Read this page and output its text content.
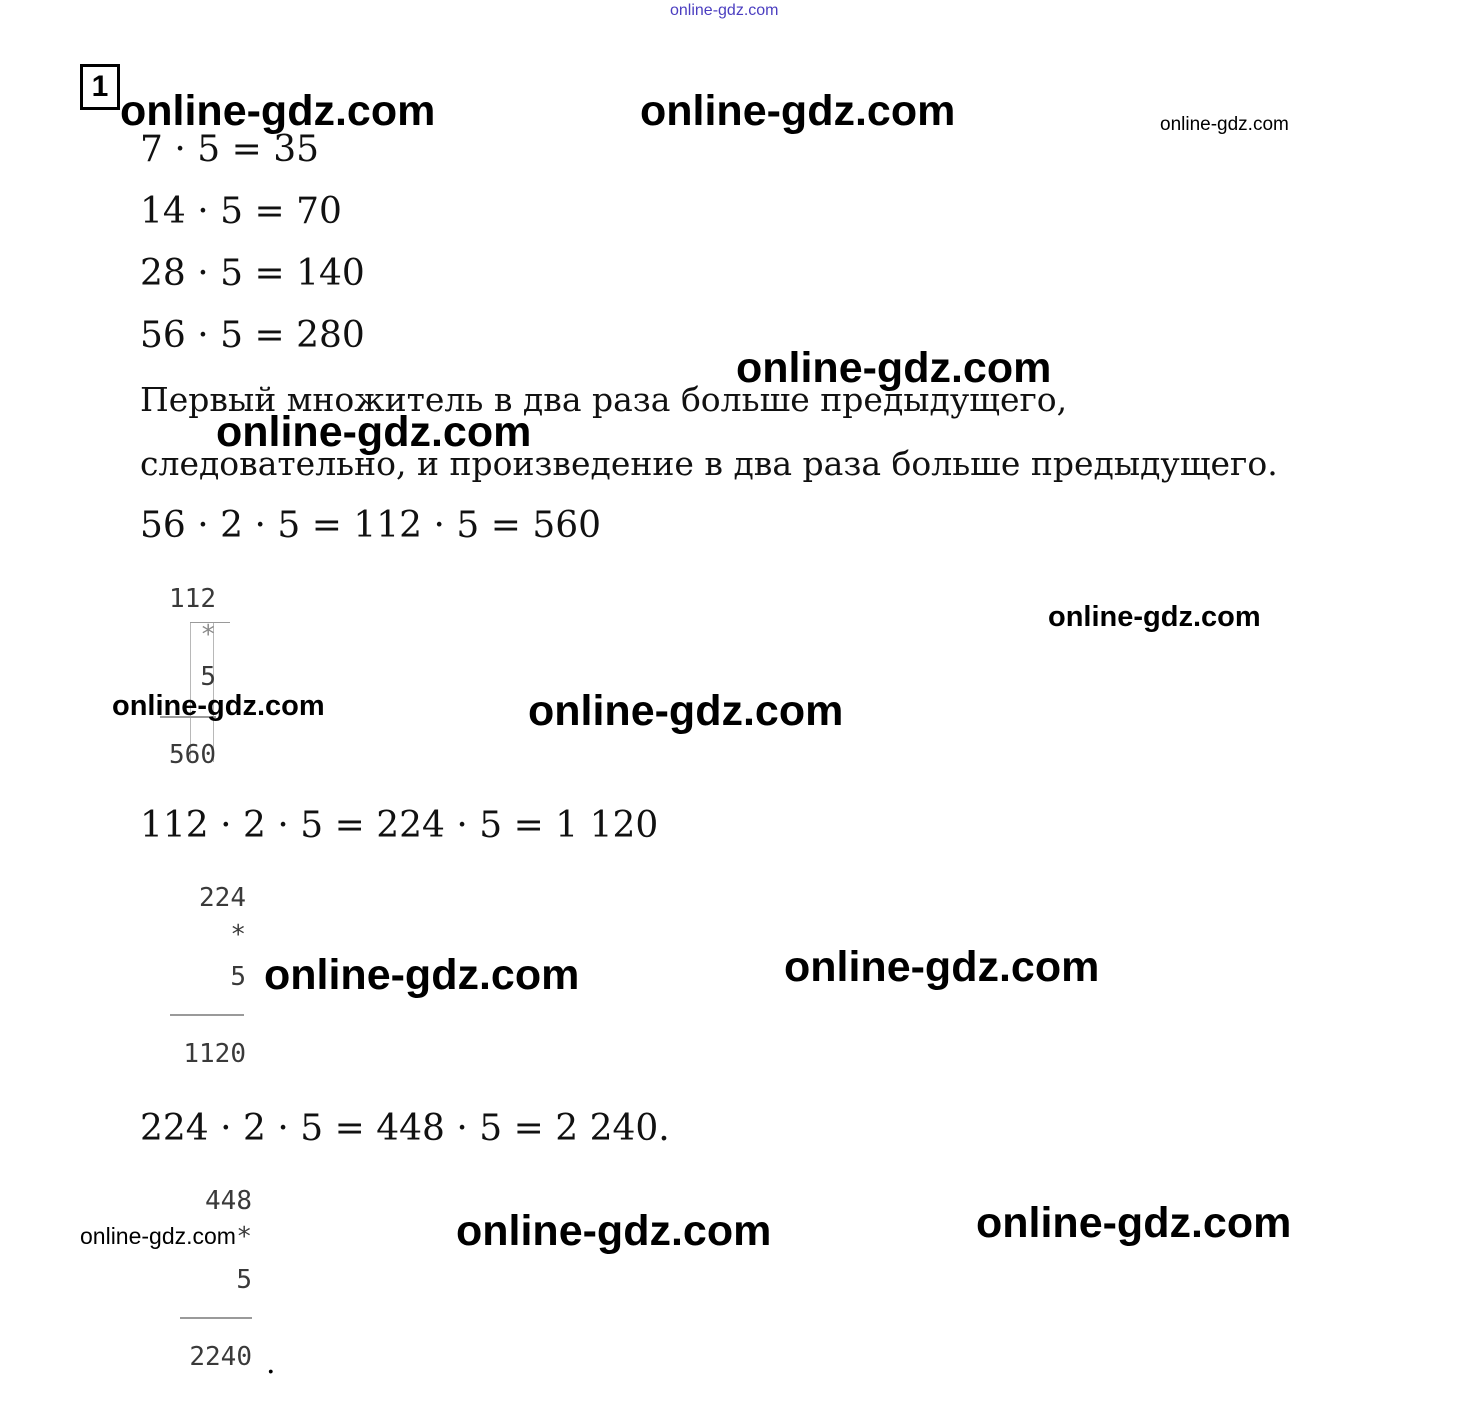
online-gdz.com
1
7 · 5 = 35
14 · 5 = 70
28 · 5 = 140
56 · 5 = 280
Первый множитель в два раза больше предыдущего,
следовательно, и произведение в два раза больше предыдущего.
56 · 2 · 5 = 112 · 5 = 560
112
*
5
560
112 · 2 · 5 = 224 · 5 = 1 120
224
*
5
1120
224 · 2 · 5 = 448 · 5 = 2 240.
448
*
5
2240 .
online-gdz.com	online-gdz.com	online-gdz.com
online-gdz.com
online-gdz.com
online-gdz.com
online-gdz.com	online-gdz.com
online-gdz.com	online-gdz.com
online-gdz.com	online-gdz.com	online-gdz.com
